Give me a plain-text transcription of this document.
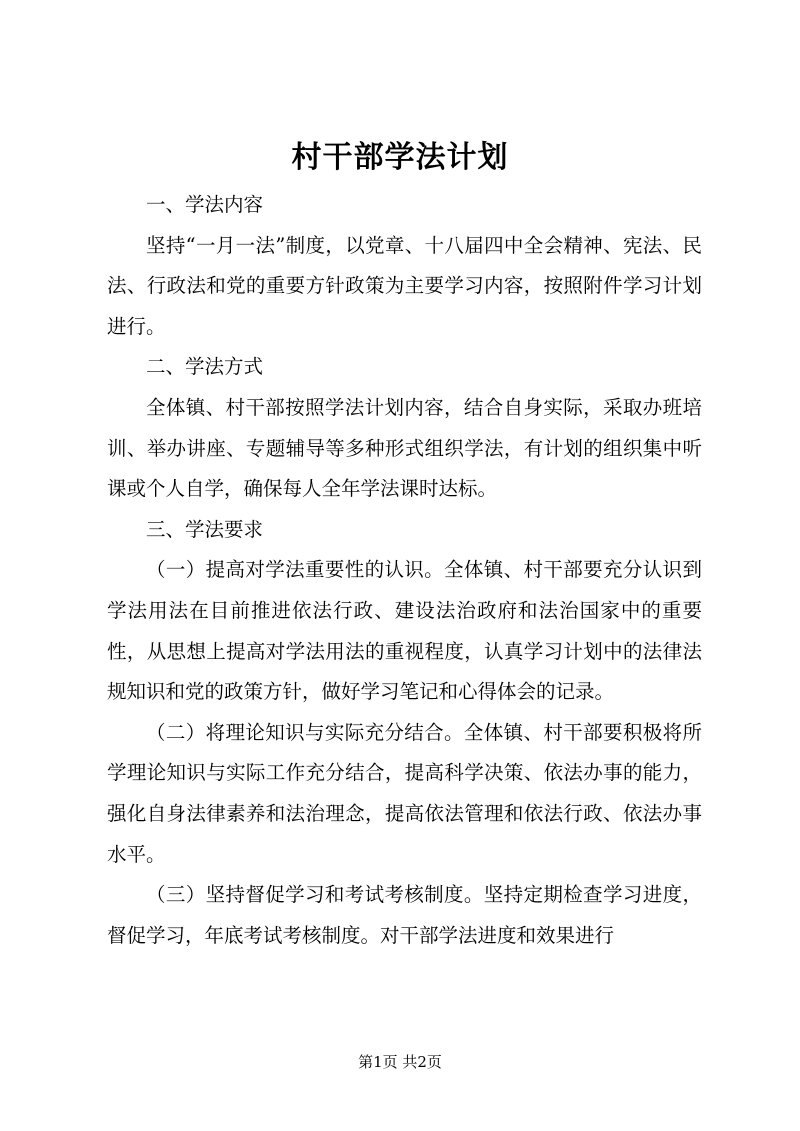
村干部学法计划

一、学法内容

坚持“一月一法”制度，以党章、十八届四中全会精神、宪法、民法、行政法和党的重要方针政策为主要学习内容，按照附件学习计划进行。

二、学法方式

全体镇、村干部按照学法计划内容，结合自身实际，采取办班培训、举办讲座、专题辅导等多种形式组织学法，有计划的组织集中听课或个人自学，确保每人全年学法课时达标。

三、学法要求

（一）提高对学法重要性的认识。全体镇、村干部要充分认识到学法用法在目前推进依法行政、建设法治政府和法治国家中的重要性，从思想上提高对学法用法的重视程度，认真学习计划中的法律法规知识和党的政策方针，做好学习笔记和心得体会的记录。

（二）将理论知识与实际充分结合。全体镇、村干部要积极将所学理论知识与实际工作充分结合，提高科学决策、依法办事的能力，强化自身法律素养和法治理念，提高依法管理和依法行政、依法办事水平。

（三）坚持督促学习和考试考核制度。坚持定期检查学习进度，督促学习，年底考试考核制度。对干部学法进度和效果进行

第1页 共2页
